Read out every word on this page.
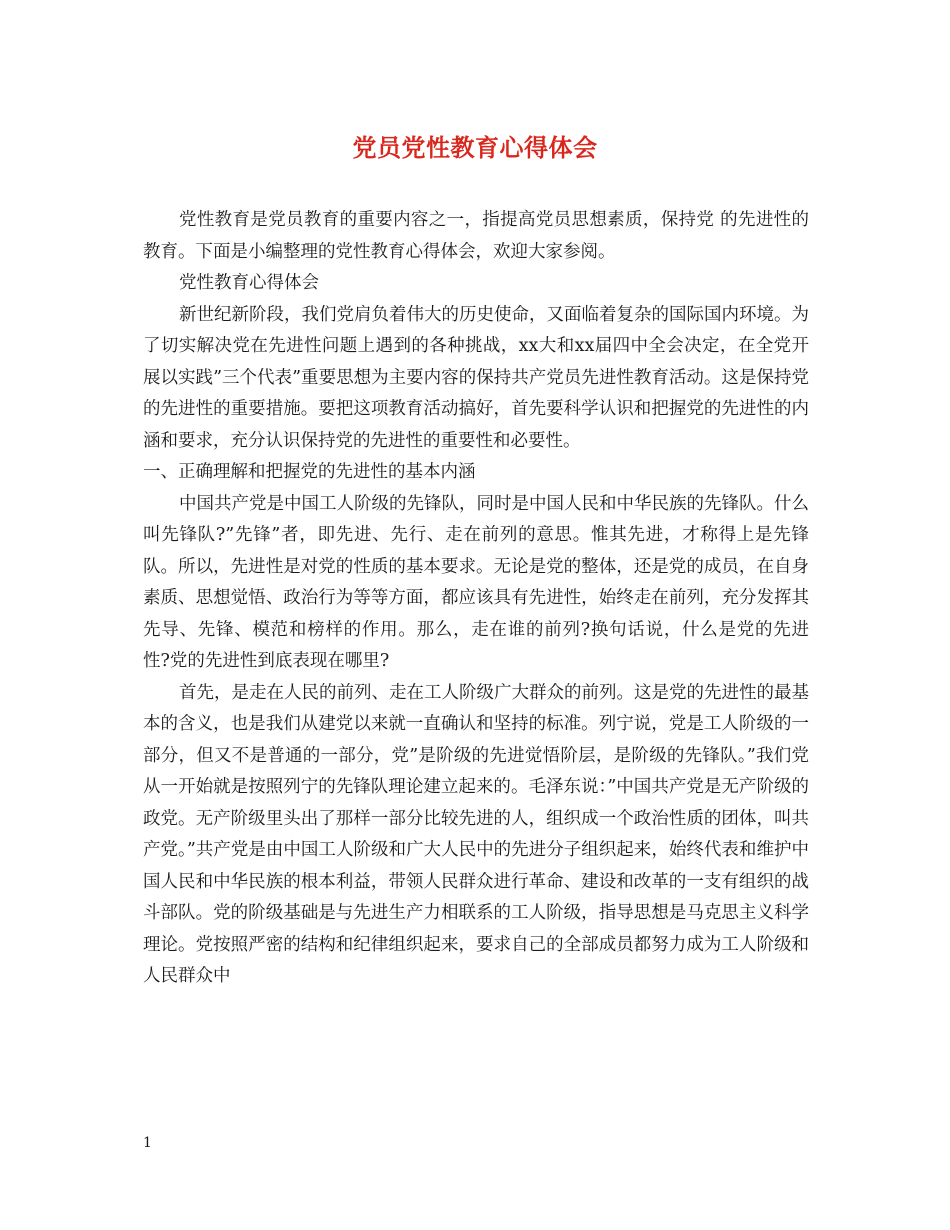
党员党性教育心得体会

党性教育是党员教育的重要内容之一，指提高党员思想素质，保持党 的先进性的教育。下面是小编整理的党性教育心得体会，欢迎大家参阅。

党性教育心得体会

新世纪新阶段，我们党肩负着伟大的历史使命，又面临着复杂的国际国内环境。为了切实解决党在先进性问题上遇到的各种挑战，xx大和xx届四中全会决定，在全党开展以实践”三个代表”重要思想为主要内容的保持共产党员先进性教育活动。这是保持党的先进性的重要措施。要把这项教育活动搞好，首先要科学认识和把握党的先进性的内涵和要求，充分认识保持党的先进性的重要性和必要性。

一、正确理解和把握党的先进性的基本内涵

中国共产党是中国工人阶级的先锋队，同时是中国人民和中华民族的先锋队。什么叫先锋队?”先锋”者，即先进、先行、走在前列的意思。惟其先进，才称得上是先锋队。所以，先进性是对党的性质的基本要求。无论是党的整体，还是党的成员，在自身素质、思想觉悟、政治行为等等方面，都应该具有先进性，始终走在前列，充分发挥其先导、先锋、模范和榜样的作用。那么，走在谁的前列?换句话说，什么是党的先进性?党的先进性到底表现在哪里?

首先，是走在人民的前列、走在工人阶级广大群众的前列。这是党的先进性的最基本的含义，也是我们从建党以来就一直确认和坚持的标准。列宁说，党是工人阶级的一部分，但又不是普通的一部分，党”是阶级的先进觉悟阶层，是阶级的先锋队。”我们党从一开始就是按照列宁的先锋队理论建立起来的。毛泽东说：”中国共产党是无产阶级的政党。无产阶级里头出了那样一部分比较先进的人，组织成一个政治性质的团体，叫共产党。”共产党是由中国工人阶级和广大人民中的先进分子组织起来，始终代表和维护中国人民和中华民族的根本利益，带领人民群众进行革命、建设和改革的一支有组织的战斗部队。党的阶级基础是与先进生产力相联系的工人阶级，指导思想是马克思主义科学理论。党按照严密的结构和纪律组织起来，要求自己的全部成员都努力成为工人阶级和人民群众中

1
